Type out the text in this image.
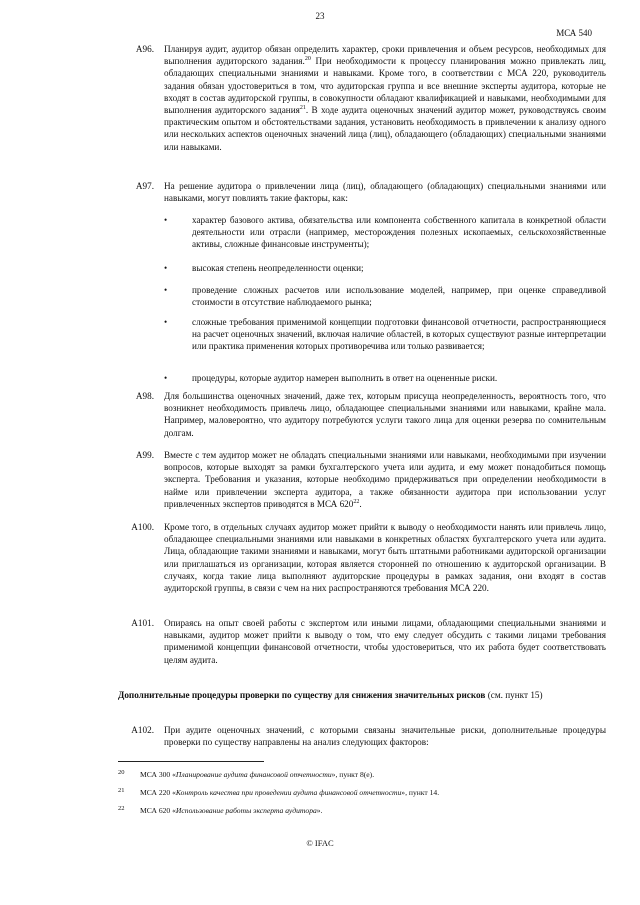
23
МСА 540
A96. Планируя аудит, аудитор обязан определить характер, сроки привлечения и объем ресурсов, необходимых для выполнения аудиторского задания.$^{20}$ При необходимости к процессу планирования можно привлекать лиц, обладающих специальными знаниями и навыками. Кроме того, в соответствии с МСА 220, руководитель задания обязан удостовериться в том, что аудиторская группа и все внешние эксперты аудитора, которые не входят в состав аудиторской группы, в совокупности обладают квалификацией и навыками, необходимыми для выполнения аудиторского задания$^{21}$. В ходе аудита оценочных значений аудитор может, руководствуясь своим практическим опытом и обстоятельствами задания, установить необходимость в привлечении к анализу одного или нескольких аспектов оценочных значений лица (лиц), обладающего (обладающих) специальными знаниями или навыками.
A97. На решение аудитора о привлечении лица (лиц), обладающего (обладающих) специальными знаниями или навыками, могут повлиять такие факторы, как:
•	характер базового актива, обязательства или компонента собственного капитала в конкретной области деятельности или отрасли (например, месторождения полезных ископаемых, сельскохозяйственные активы, сложные финансовые инструменты);
•	высокая степень неопределенности оценки;
•	проведение сложных расчетов или использование моделей, например, при оценке справедливой стоимости в отсутствие наблюдаемого рынка;
•	сложные требования применимой концепции подготовки финансовой отчетности, распространяющиеся на расчет оценочных значений, включая наличие областей, в которых существуют разные интерпретации или практика применения которых противоречива или только развивается;
•	процедуры, которые аудитор намерен выполнить в ответ на оцененные риски.
A98. Для большинства оценочных значений, даже тех, которым присуща неопределенность, вероятность того, что возникнет необходимость привлечь лицо, обладающее специальными знаниями или навыками, крайне мала. Например, маловероятно, что аудитору потребуются услуги такого лица для оценки резерва по сомнительным долгам.
A99. Вместе с тем аудитор может не обладать специальными знаниями или навыками, необходимыми при изучении вопросов, которые выходят за рамки бухгалтерского учета или аудита, и ему может понадобиться помощь эксперта. Требования и указания, которые необходимо придерживаться при определении необходимости в найме или привлечении эксперта аудитора, а также обязанности аудитора при использовании услуг привлеченных экспертов приводятся в МСА $620^{22}$.
A100. Кроме того, в отдельных случаях аудитор может прийти к выводу о необходимости нанять или привлечь лицо, обладающее специальными знаниями или навыками в конкретных областях бухгалтерского учета или аудита. Лица, обладающие такими знаниями и навыками, могут быть штатными работниками аудиторской организации или приглашаться из организации, которая является сторонней по отношению к аудиторской организации. В случаях, когда такие лица выполняют аудиторские процедуры в рамках задания, они входят в состав аудиторской группы, в связи с чем на них распространяются требования МСА 220.
A101. Опираясь на опыт своей работы с экспертом или иными лицами, обладающими специальными знаниями и навыками, аудитор может прийти к выводу о том, что ему следует обсудить с такими лицами требования применимой концепции финансовой отчетности, чтобы удостовериться, что их работа будет соответствовать целям аудита.
Дополнительные процедуры проверки по существу для снижения значительных рисков (см. пункт 15)
A102. При аудите оценочных значений, с которыми связаны значительные риски, дополнительные процедуры проверки по существу направлены на анализ следующих факторов:
20 МСА 300 «Планирование аудита финансовой отчетности», пункт 8(e).
21 МСА 220 «Контроль качества при проведении аудита финансовой отчетности», пункт 14.
22 МСА 620 «Использование работы эксперта аудитора».
© IFAC
